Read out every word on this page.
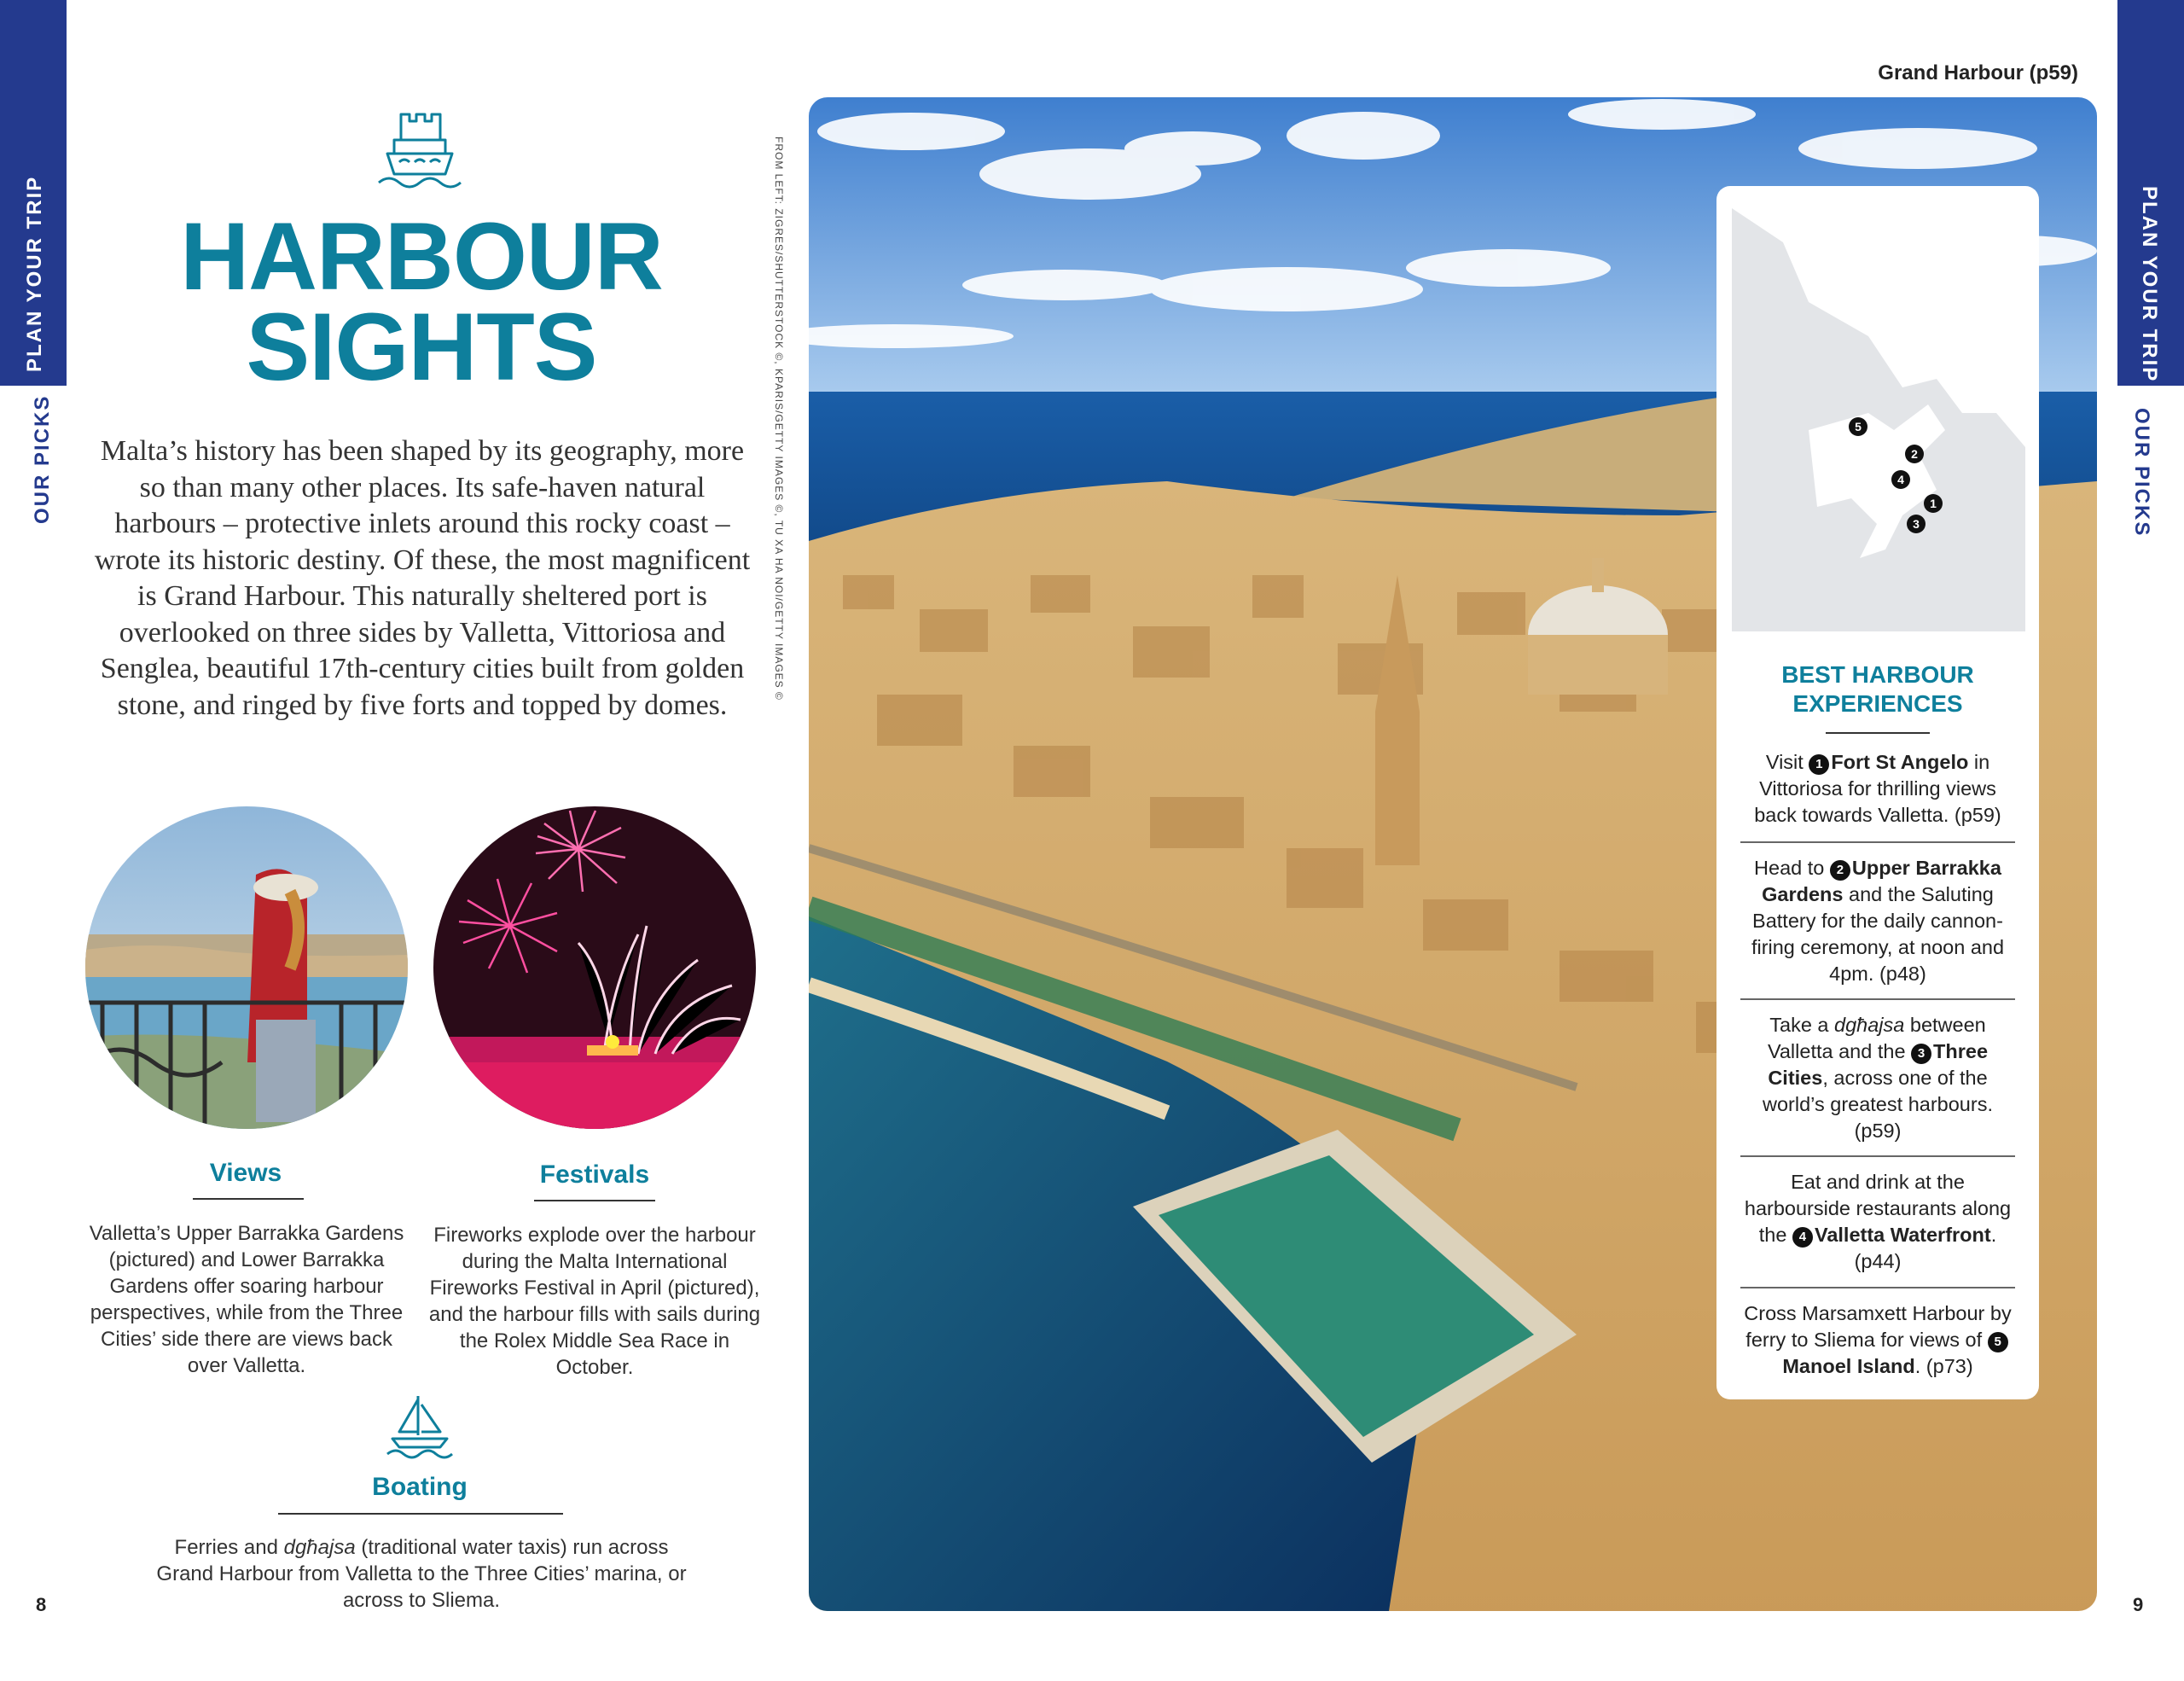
PLAN YOUR TRIP
OUR PICKS
PLAN YOUR TRIP
OUR PICKS
HARBOUR
SIGHTS
Malta’s history has been shaped by its geography, more so than many other places. Its safe-haven natural harbours – protective inlets around this rocky coast – wrote its historic destiny. Of these, the most magnificent is Grand Harbour. This naturally sheltered port is overlooked on three sides by Valletta, Vittoriosa and Senglea, beautiful 17th-century cities built from golden stone, and ringed by five forts and topped by domes.
Views
Valletta’s Upper Barrakka Gardens (pictured) and Lower Barrakka Gardens offer soaring harbour perspectives, while from the Three Cities’ side there are views back over Valletta.
Festivals
Fireworks explode over the harbour during the Malta International Fireworks Festival in April (pictured), and the harbour fills with sails during the Rolex Middle Sea Race in October.
Boating
Ferries and dgħajsa (traditional water taxis) run across Grand Harbour from Valletta to the Three Cities’ marina, or across to Sliema.
8
FROM LEFT: ZIGRES/SHUTTERSTOCK ©, KPARIS/GETTY IMAGES ©, TU XA HA NOI/GETTY IMAGES ©
Grand Harbour (p59)
5
2
4
1
3
BEST HARBOUR EXPERIENCES
Visit 1 Fort St Angelo in Vittoriosa for thrilling views back towards Valletta. (p59)
Head to 2 Upper Barrakka Gardens and the Saluting Battery for the daily cannon-firing ceremony, at noon and 4pm. (p48)
Take a dgħajsa between Valletta and the 3 Three Cities, across one of the world’s greatest harbours. (p59)
Eat and drink at the harbourside restaurants along the 4 Valletta Waterfront. (p44)
Cross Marsamxett Harbour by ferry to Sliema for views of 5Manoel Island. (p73)
9
